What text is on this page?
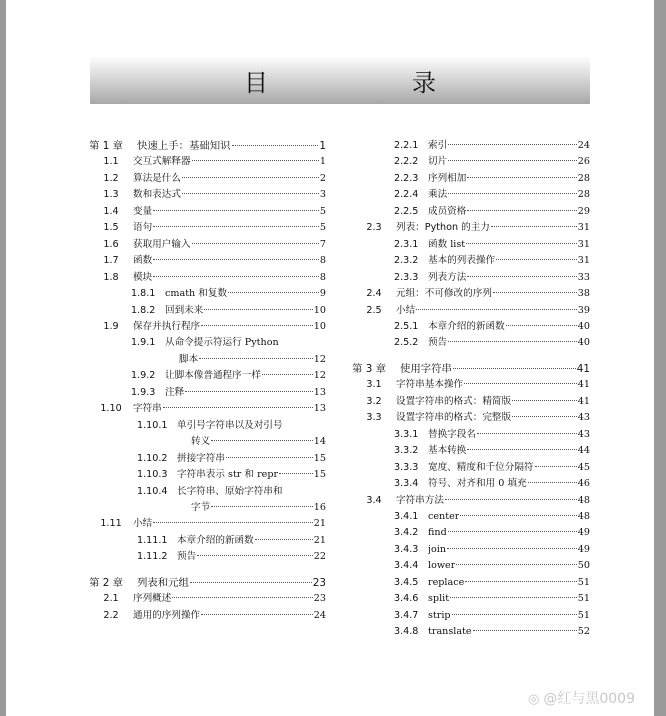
目　录
第 1 章	快速上手：基础知识	1
1.1	交互式解释器	1
1.2	算法是什么	2
1.3	数和表达式	3
1.4	变量	5
1.5	语句	5
1.6	获取用户输入	7
1.7	函数	8
1.8	模块	8
1.8.1 cmath 和复数	9
1.8.2 回到未来	10
1.9	保存并执行程序	10
1.9.1 从命令提示符运行 Python
脚本	12
1.9.2 让脚本像普通程序一样	12
1.9.3 注释	13
1.10	字符串	13
1.10.1 单引号字符串以及对引号
转义	14
1.10.2 拼接字符串	15
1.10.3 字符串表示 str 和 repr	15
1.10.4 长字符串、原始字符串和
字节	16
1.11	小结	21
1.11.1 本章介绍的新函数	21
1.11.2 预告	22
第 2 章	列表和元组	23
2.1	序列概述	23
2.2	通用的序列操作	24
2.2.1 索引	24
2.2.2 切片	26
2.2.3 序列相加	28
2.2.4 乘法	28
2.2.5 成员资格	29
2.3	列表：Python 的主力	31
2.3.1 函数 list	31
2.3.2 基本的列表操作	31
2.3.3 列表方法	33
2.4	元组：不可修改的序列	38
2.5	小结	39
2.5.1 本章介绍的新函数	40
2.5.2 预告	40
第 3 章	使用字符串	41
3.1	字符串基本操作	41
3.2	设置字符串的格式：精简版	41
3.3	设置字符串的格式：完整版	43
3.3.1 替换字段名	43
3.3.2 基本转换	44
3.3.3 宽度、精度和千位分隔符	45
3.3.4 符号、对齐和用 0 填充	46
3.4	字符串方法	48
3.4.1 center	48
3.4.2 find	49
3.4.3 join	49
3.4.4 lower	50
3.4.5 replace	51
3.4.6 split	51
3.4.7 strip	51
3.4.8 translate	52
◎ @红与黑0009
